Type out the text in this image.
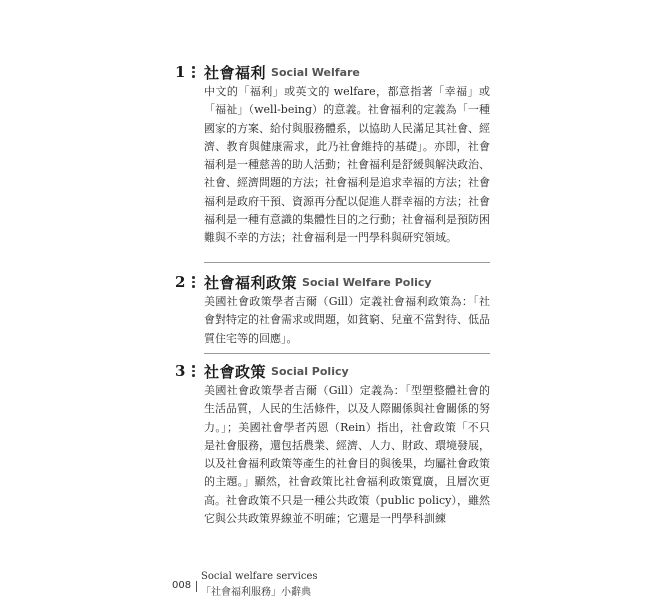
1 社會福利 Social Welfare
中文的「福利」或英文的 welfare，都意指著「幸福」或「福祉」（well-being）的意義。社會福利的定義為「一種國家的方案、給付與服務體系，以協助人民滿足其社會、經濟、教育與健康需求，此乃社會維持的基礎」。亦即，社會福利是一種慈善的助人活動；社會福利是舒緩與解決政治、社會、經濟問題的方法；社會福利是追求幸福的方法；社會福利是政府干預、資源再分配以促進人群幸福的方法；社會福利是一種有意識的集體性目的之行動；社會福利是預防困難與不幸的方法；社會福利是一門學科與研究領域。
2 社會福利政策 Social Welfare Policy
美國社會政策學者吉爾（Gill）定義社會福利政策為：「社會對特定的社會需求或問題，如貧窮、兒童不當對待、低品質住宅等的回應」。
3 社會政策 Social Policy
美國社會政策學者吉爾（Gill）定義為：「型塑整體社會的生活品質，人民的生活條件，以及人際關係與社會關係的努力。」；美國社會學者芮恩（Rein）指出，社會政策「不只是社會服務，還包括農業、經濟、人力、財政、環境發展，以及社會福利政策等產生的社會目的與後果，均屬社會政策的主題。」顯然，社會政策比社會福利政策寬廣，且層次更高。社會政策不只是一種公共政策（public policy），雖然它與公共政策界線並不明確；它還是一門學科訓練
008
Social welfare services
「社會福利服務」小辭典
